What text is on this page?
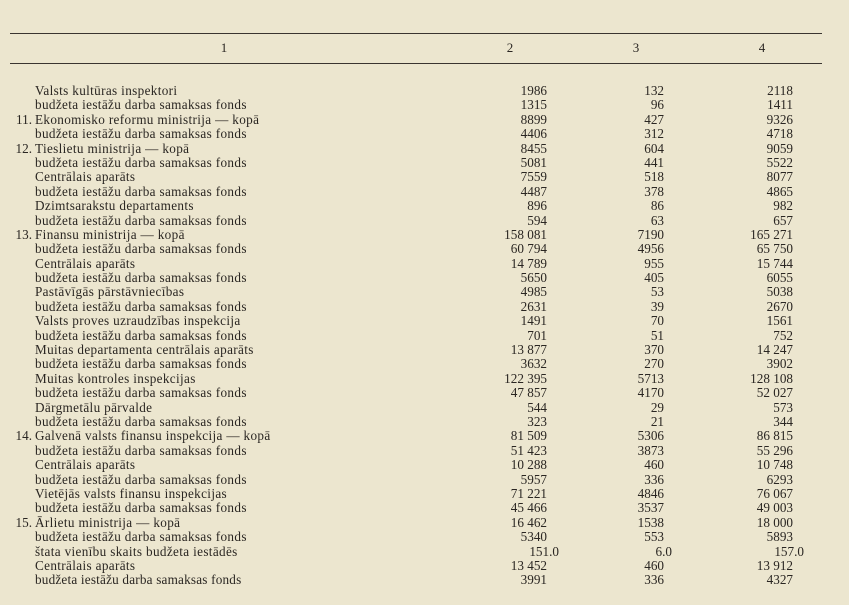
1	2	3	4
Valsts kultūras inspektori	1986	132	2118
budžeta iestāžu darba samaksas fonds	1315	96	1411
11. Ekonomisko reformu ministrija — kopā	8899	427	9326
budžeta iestāžu darba samaksas fonds	4406	312	4718
12. Tieslietu ministrija — kopā	8455	604	9059
budžeta iestāžu darba samaksas fonds	5081	441	5522
Centrālais aparāts	7559	518	8077
budžeta iestāžu darba samaksas fonds	4487	378	4865
Dzimtsarakstu departaments	896	86	982
budžeta iestāžu darba samaksas fonds	594	63	657
13. Finansu ministrija — kopā	158 081	7190	165 271
budžeta iestāžu darba samaksas fonds	60 794	4956	65 750
Centrālais aparāts	14 789	955	15 744
budžeta iestāžu darba samaksas fonds	5650	405	6055
Pastāvīgās pārstāvniecības	4985	53	5038
budžeta iestāžu darba samaksas fonds	2631	39	2670
Valsts proves uzraudzības inspekcija	1491	70	1561
budžeta iestāžu darba samaksas fonds	701	51	752
Muitas departamenta centrālais aparāts	13 877	370	14 247
budžeta iestāžu darba samaksas fonds	3632	270	3902
Muitas kontroles inspekcijas	122 395	5713	128 108
budžeta iestāžu darba samaksas fonds	47 857	4170	52 027
Dārgmetālu pārvalde	544	29	573
budžeta iestāžu darba samaksas fonds	323	21	344
14. Galvenā valsts finansu inspekcija — kopā	81 509	5306	86 815
budžeta iestāžu darba samaksas fonds	51 423	3873	55 296
Centrālais aparāts	10 288	460	10 748
budžeta iestāžu darba samaksas fonds	5957	336	6293
Vietējās valsts finansu inspekcijas	71 221	4846	76 067
budžeta iestāžu darba samaksas fonds	45 466	3537	49 003
15. Ārlietu ministrija — kopā	16 462	1538	18 000
budžeta iestāžu darba samaksas fonds	5340	553	5893
štata vienību skaits budžeta iestādēs	151.0	6.0	157.0
Centrālais aparāts	13 452	460	13 912
budžeta iestāžu darba samaksas fonds	3991	336	4327
